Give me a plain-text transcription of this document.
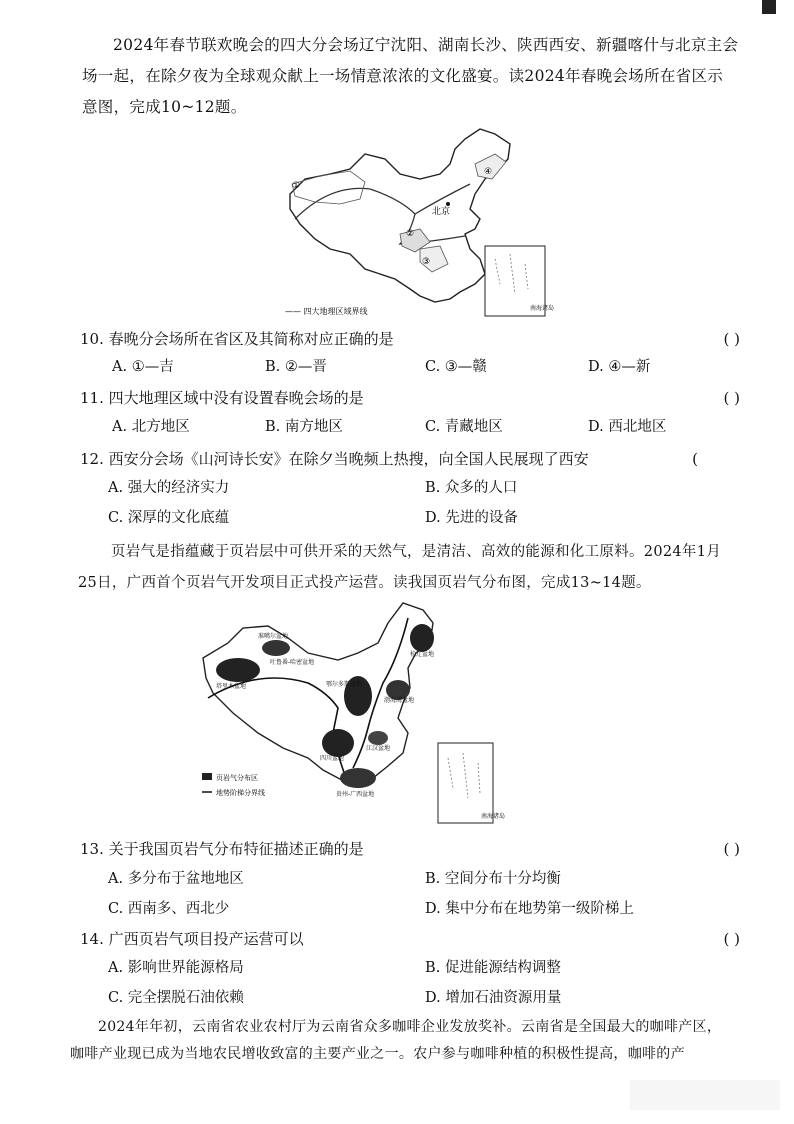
2024年春节联欢晚会的四大分会场辽宁沈阳、湖南长沙、陕西西安、新疆喀什与北京主会
场一起，在除夕夜为全球观众献上一场情意浓浓的文化盛宴。读2024年春晚会场所在省区示
意图，完成10~12题。
北京
①
②
③
④
南海诸岛
—— 四大地理区域界线
10. 春晚分会场所在省区及其简称对应正确的是	( )
A. ①—吉	B. ②—晋	C. ③—赣	D. ④—新
11. 四大地理区域中没有设置春晚会场的是	( )
A. 北方地区	B. 南方地区	C. 青藏地区	D. 西北地区
12. 西安分会场《山河诗长安》在除夕当晚频上热搜，向全国人民展现了西安	(
A. 强大的经济实力	B. 众多的人口
C. 深厚的文化底蕴	D. 先进的设备
页岩气是指蕴藏于页岩层中可供开采的天然气，是清洁、高效的能源和化工原料。2024年1月
25日，广西首个页岩气开发项目正式投产运营。读我国页岩气分布图，完成13~14题。
塔里木盆地
准噶尔盆地
吐鲁番-哈密盆地
鄂尔多斯盆地
渤海湾盆地
松辽盆地
四川盆地
江汉盆地
贵州-广西盆地
南海诸岛
页岩气分布区
地势阶梯分界线
13. 关于我国页岩气分布特征描述正确的是	( )
A. 多分布于盆地地区	B. 空间分布十分均衡
C. 西南多、西北少	D. 集中分布在地势第一级阶梯上
14. 广西页岩气项目投产运营可以	( )
A. 影响世界能源格局	B. 促进能源结构调整
C. 完全摆脱石油依赖	D. 增加石油资源用量
2024年年初，云南省农业农村厅为云南省众多咖啡企业发放奖补。云南省是全国最大的咖啡产区，
咖啡产业现已成为当地农民增收致富的主要产业之一。农户参与咖啡种植的积极性提高，咖啡的产
